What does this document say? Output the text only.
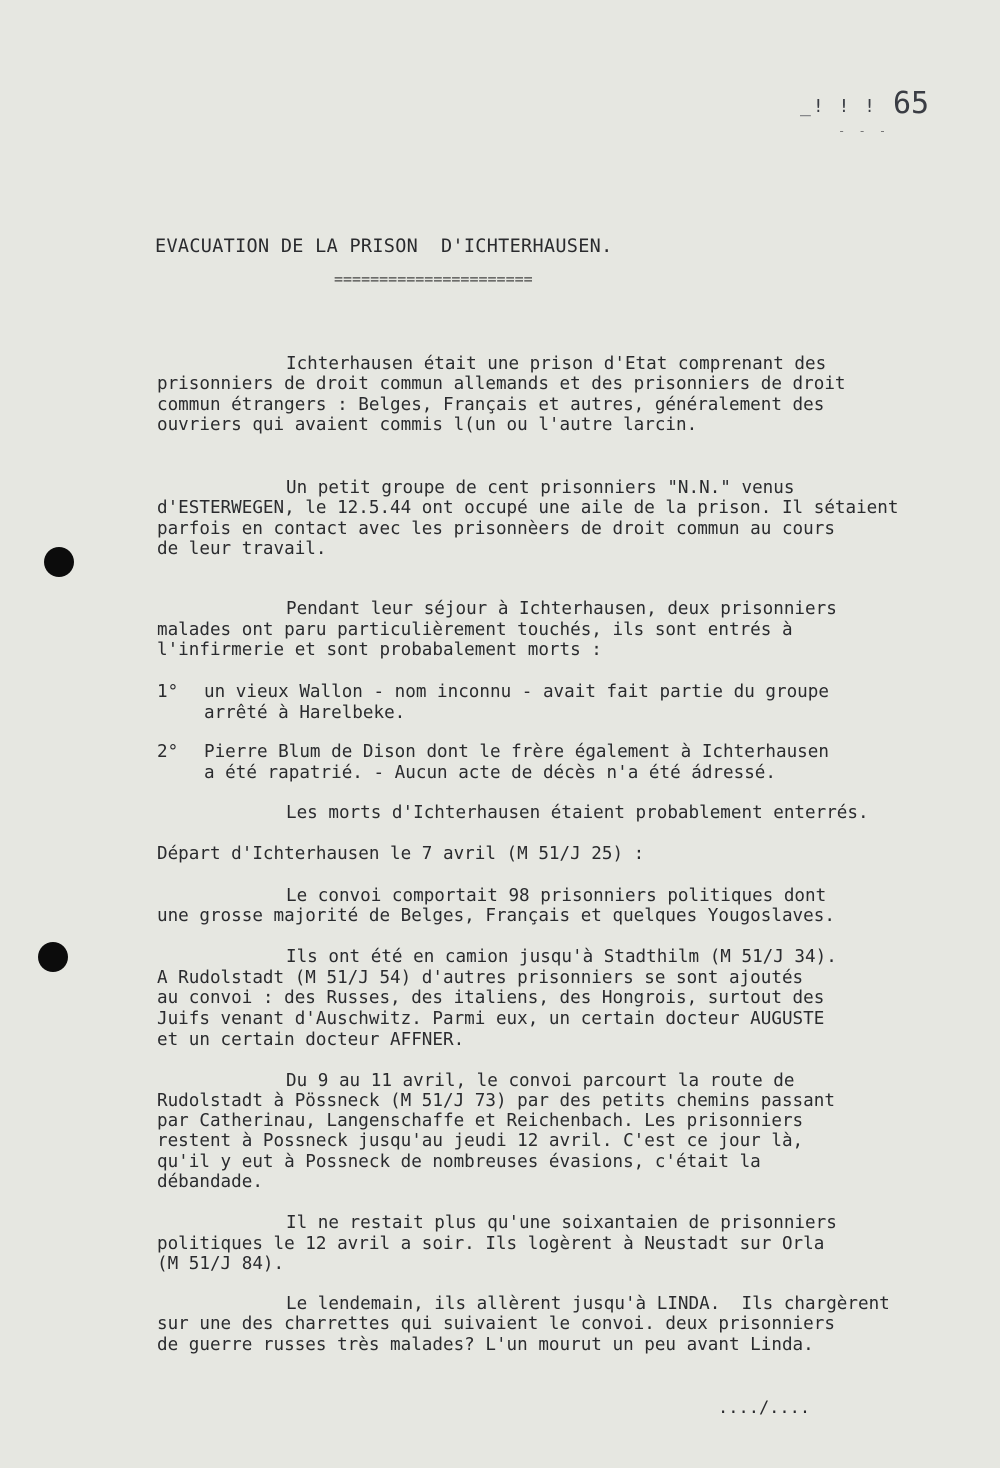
_! ! !
- - -
65
EVACUATION DE LA PRISON  D'ICHTERHAUSEN.
======================
Ichterhausen était une prison d'Etat comprenant des
prisonniers de droit commun allemands et des prisonniers de droit
commun étrangers : Belges, Français et autres, généralement des
ouvriers qui avaient commis l(un ou l'autre larcin.
Un petit groupe de cent prisonniers "N.N." venus
d'ESTERWEGEN, le 12.5.44 ont occupé une aile de la prison. Il sétaient
parfois en contact avec les prisonnèers de droit commun au cours
de leur travail.
Pendant leur séjour à Ichterhausen, deux prisonniers
malades ont paru particulièrement touchés, ils sont entrés à
l'infirmerie et sont probabalement morts :
1° un vieux Wallon - nom inconnu - avait fait partie du groupe
arrêté à Harelbeke.
2° Pierre Blum de Dison dont le frère également à Ichterhausen
a été rapatrié. - Aucun acte de décès n'a été ádressé.
Les morts d'Ichterhausen étaient probablement enterrés.
Départ d'Ichterhausen le 7 avril (M 51/J 25) :
Le convoi comportait 98 prisonniers politiques dont
une grosse majorité de Belges, Français et quelques Yougoslaves.
Ils ont été en camion jusqu'à Stadthilm (M 51/J 34).
A Rudolstadt (M 51/J 54) d'autres prisonniers se sont ajoutés
au convoi : des Russes, des italiens, des Hongrois, surtout des
Juifs venant d'Auschwitz. Parmi eux, un certain docteur AUGUSTE
et un certain docteur AFFNER.
Du 9 au 11 avril, le convoi parcourt la route de
Rudolstadt à Pössneck (M 51/J 73) par des petits chemins passant
par Catherinau, Langenschaffe et Reichenbach. Les prisonniers
restent à Possneck jusqu'au jeudi 12 avril. C'est ce jour là,
qu'il y eut à Possneck de nombreuses évasions, c'était la
débandade.
Il ne restait plus qu'une soixantaien de prisonniers
politiques le 12 avril a soir. Ils logèrent à Neustadt sur Orla
(M 51/J 84).
Le lendemain, ils allèrent jusqu'à LINDA.  Ils chargèrent
sur une des charrettes qui suivaient le convoi. deux prisonniers
de guerre russes très malades? L'un mourut un peu avant Linda.
..../....
